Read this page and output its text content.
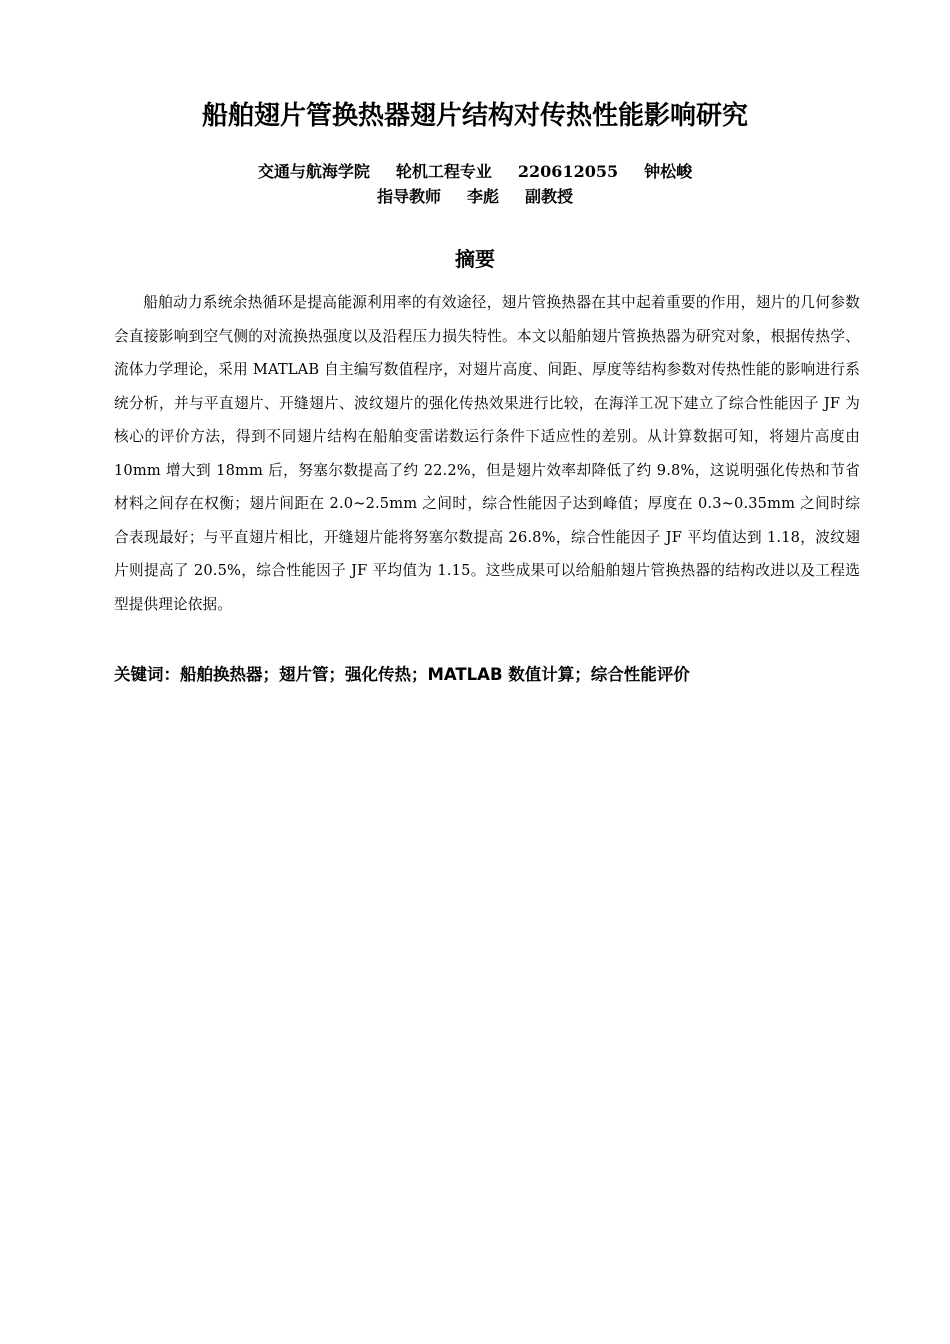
船舶翅片管换热器翅片结构对传热性能影响研究
交通与航海学院 轮机工程专业 220612055 钟松峻
指导教师 李彪 副教授
摘要
船舶动力系统余热循环是提高能源利用率的有效途径，翅片管换热器在其中起着重要的作用，翅片的几何参数会直接影响到空气侧的对流换热强度以及沿程压力损失特性。本文以船舶翅片管换热器为研究对象，根据传热学、流体力学理论，采用 MATLAB 自主编写数值程序，对翅片高度、间距、厚度等结构参数对传热性能的影响进行系统分析，并与平直翅片、开缝翅片、波纹翅片的强化传热效果进行比较，在海洋工况下建立了综合性能因子 JF 为核心的评价方法，得到不同翅片结构在船舶变雷诺数运行条件下适应性的差别。从计算数据可知，将翅片高度由 10mm 增大到 18mm 后，努塞尔数提高了约 22.2%，但是翅片效率却降低了约 9.8%，这说明强化传热和节省材料之间存在权衡；翅片间距在 2.0~2.5mm 之间时，综合性能因子达到峰值；厚度在 0.3~0.35mm 之间时综合表现最好；与平直翅片相比，开缝翅片能将努塞尔数提高 26.8%，综合性能因子 JF 平均值达到 1.18，波纹翅片则提高了 20.5%，综合性能因子 JF 平均值为 1.15。这些成果可以给船舶翅片管换热器的结构改进以及工程选型提供理论依据。
关键词：船舶换热器；翅片管；强化传热；MATLAB 数值计算；综合性能评价
